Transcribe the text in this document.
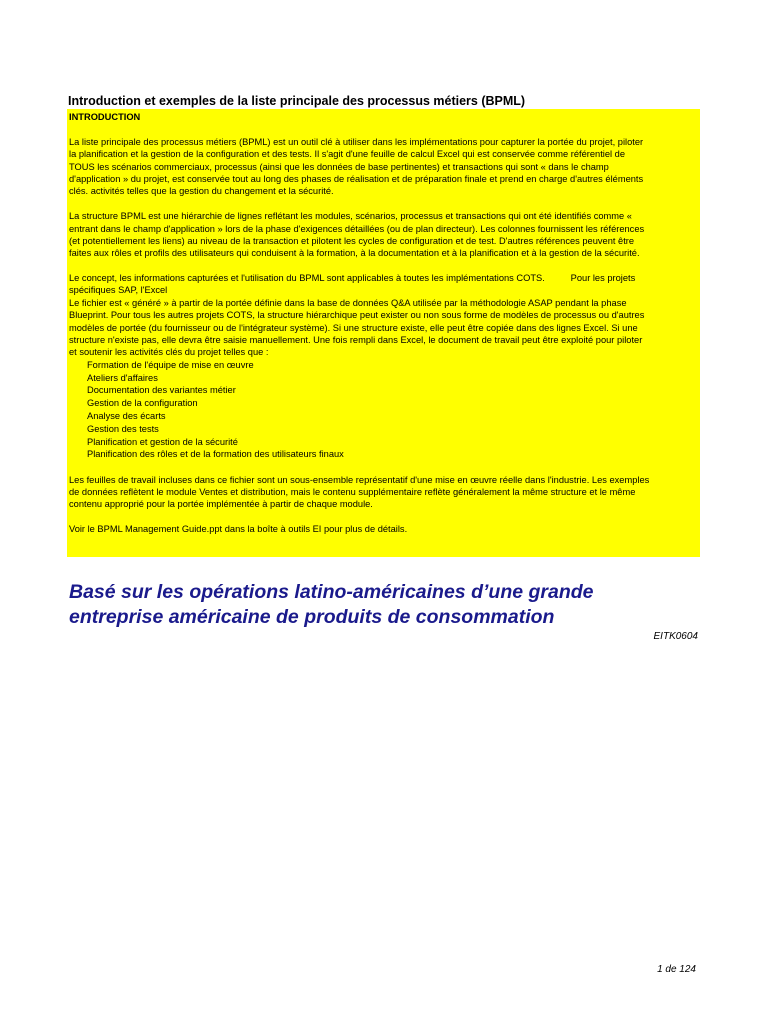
Introduction et exemples de la liste principale des processus métiers (BPML)
INTRODUCTION
La liste principale des processus métiers (BPML) est un outil clé à utiliser dans les implémentations pour capturer la portée du projet, piloter
la planification et la gestion de la configuration et des tests. Il s'agit d'une feuille de calcul Excel qui est conservée comme référentiel de
TOUS les scénarios commerciaux, processus (ainsi que les données de base pertinentes) et transactions qui sont « dans le champ
d'application » du projet, est conservée tout au long des phases de réalisation et de préparation finale et prend en charge d'autres éléments
clés. activités telles que la gestion du changement et la sécurité.
La structure BPML est une hiérarchie de lignes reflétant les modules, scénarios, processus et transactions qui ont été identifiés comme «
entrant dans le champ d'application » lors de la phase d'exigences détaillées (ou de plan directeur). Les colonnes fournissent les références
(et potentiellement les liens) au niveau de la transaction et pilotent les cycles de configuration et de test. D'autres références peuvent être
faites aux rôles et profils des utilisateurs qui conduisent à la formation, à la documentation et à la planification et à la gestion de la sécurité.
Le concept, les informations capturées et l'utilisation du BPML sont applicables à toutes les implémentations COTS.          Pour les projets
spécifiques SAP, l'Excel
Le fichier est « généré » à partir de la portée définie dans la base de données Q&A utilisée par la méthodologie ASAP pendant la phase
Blueprint. Pour tous les autres projets COTS, la structure hiérarchique peut exister ou non sous forme de modèles de processus ou d'autres
modèles de portée (du fournisseur ou de l'intégrateur système). Si une structure existe, elle peut être copiée dans des lignes Excel. Si une
structure n'existe pas, elle devra être saisie manuellement. Une fois rempli dans Excel, le document de travail peut être exploité pour piloter
et soutenir les activités clés du projet telles que :
Formation de l'équipe de mise en œuvre
Ateliers d'affaires
Documentation des variantes métier
Gestion de la configuration
Analyse des écarts
Gestion des tests
Planification et gestion de la sécurité
Planification des rôles et de la formation des utilisateurs finaux
Les feuilles de travail incluses dans ce fichier sont un sous-ensemble représentatif d'une mise en œuvre réelle dans l'industrie. Les exemples
de données reflètent le module Ventes et distribution, mais le contenu supplémentaire reflète généralement la même structure et le même
contenu approprié pour la portée implémentée à partir de chaque module.
Voir le BPML Management Guide.ppt dans la boîte à outils EI pour plus de détails.
Basé sur les opérations latino-américaines d’une grande
entreprise américaine de produits de consommation
EITK0604
1 de 124
